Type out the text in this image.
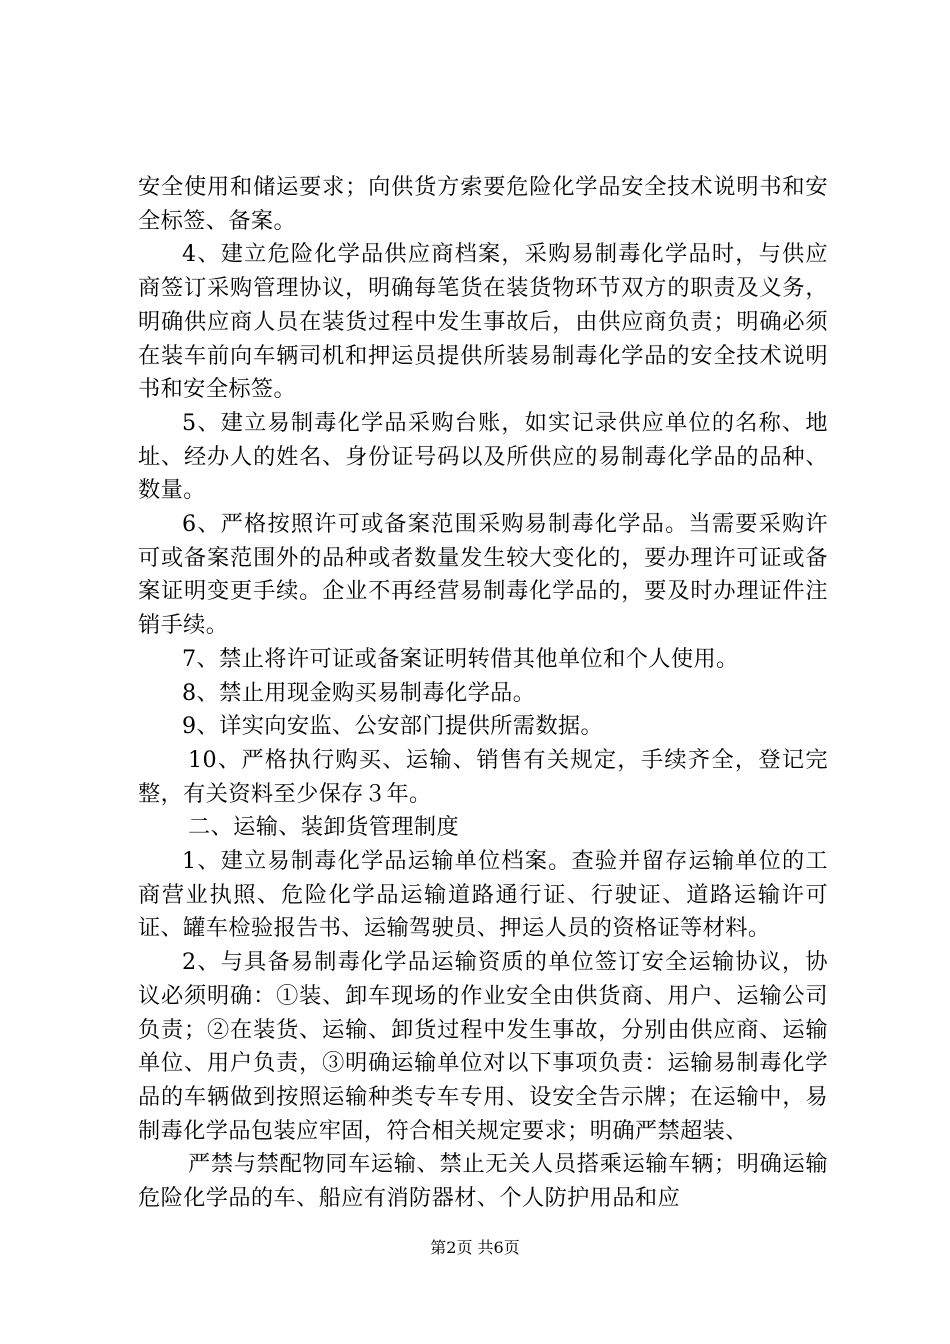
安全使用和储运要求；向供货方索要危险化学品安全技术说明书和安全标签、备案。

4、建立危险化学品供应商档案，采购易制毒化学品时，与供应商签订采购管理协议，明确每笔货在装货物环节双方的职责及义务，明确供应商人员在装货过程中发生事故后，由供应商负责；明确必须在装车前向车辆司机和押运员提供所装易制毒化学品的安全技术说明书和安全标签。

5、建立易制毒化学品采购台账，如实记录供应单位的名称、地址、经办人的姓名、身份证号码以及所供应的易制毒化学品的品种、数量。

6、严格按照许可或备案范围采购易制毒化学品。当需要采购许可或备案范围外的品种或者数量发生较大变化的，要办理许可证或备案证明变更手续。企业不再经营易制毒化学品的，要及时办理证件注销手续。

7、禁止将许可证或备案证明转借其他单位和个人使用。

8、禁止用现金购买易制毒化学品。

9、详实向安监、公安部门提供所需数据。

10、严格执行购买、运输、销售有关规定，手续齐全，登记完整，有关资料至少保存３年。

二、运输、装卸货管理制度

1、建立易制毒化学品运输单位档案。查验并留存运输单位的工商营业执照、危险化学品运输道路通行证、行驶证、道路运输许可证、罐车检验报告书、运输驾驶员、押运人员的资格证等材料。

2、与具备易制毒化学品运输资质的单位签订安全运输协议，协议必须明确：①装、卸车现场的作业安全由供货商、用户、运输公司负责；②在装货、运输、卸货过程中发生事故，分别由供应商、运输单位、用户负责，③明确运输单位对以下事项负责：运输易制毒化学品的车辆做到按照运输种类专车专用、设安全告示牌；在运输中，易制毒化学品包装应牢固，符合相关规定要求；明确严禁超装、

严禁与禁配物同车运输、禁止无关人员搭乘运输车辆；明确运输危险化学品的车、船应有消防器材、个人防护用品和应

第2页 共6页
